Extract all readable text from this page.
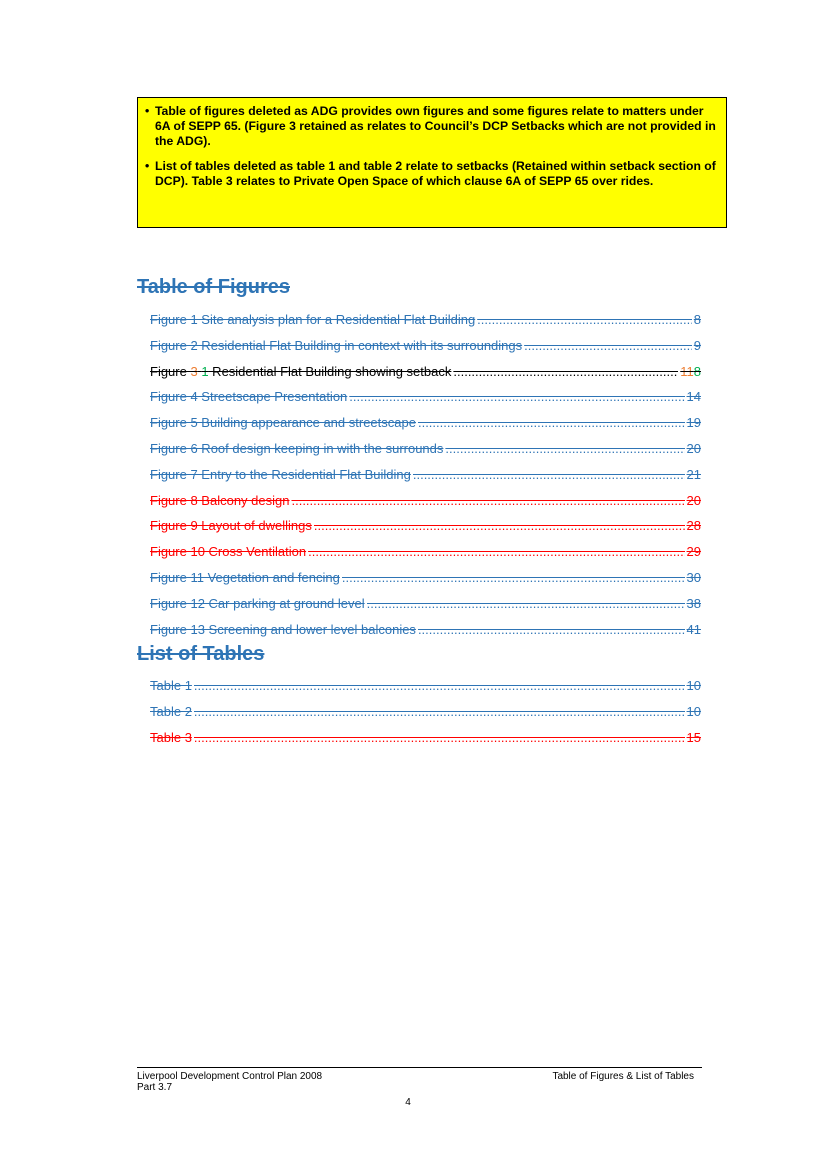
• Table of figures deleted as ADG provides own figures and some figures relate to matters under 6A of SEPP 65. (Figure 3 retained as relates to Council’s DCP Setbacks which are not provided in the ADG).
• List of tables deleted as table 1 and table 2 relate to setbacks (Retained within setback section of DCP). Table 3 relates to Private Open Space of which clause 6A of SEPP 65 over rides.
Table of Figures
Figure 1 Site analysis plan for a Residential Flat Building .....	8
Figure 2 Residential Flat Building in context with its surroundings .....	9
Figure 3 1 Residential Flat Building showing setback .....	118
Figure 4 Streetscape Presentation .....	14
Figure 5 Building appearance and streetscape .....	19
Figure 6 Roof design keeping in with the surrounds .....	20
Figure 7 Entry to the Residential Flat Building .....	21
Figure 8 Balcony design .....	20
Figure 9 Layout of dwellings .....	28
Figure 10 Cross Ventilation .....	29
Figure 11 Vegetation and fencing .....	30
Figure 12 Car parking at ground level .....	38
Figure 13 Screening and lower level balconies .....	41
List of Tables
Table 1 .....	10
Table 2 .....	10
Table 3 .....	15
Liverpool Development Control Plan 2008
Part 3.7
Table of Figures & List of Tables
4
